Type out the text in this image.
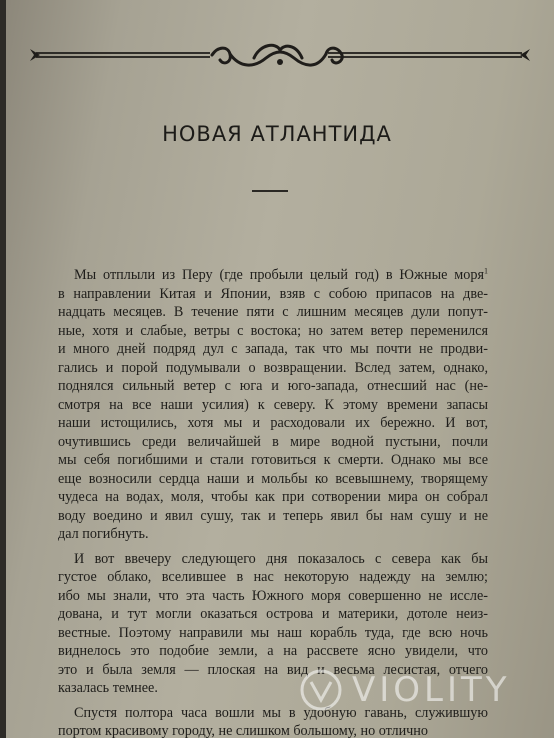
НОВАЯ АТЛАНТИДА
Мы отплыли из Перу (где пробыли целый год) в Южные моря$^1$
в направлении Китая и Японии, взяв с собою припасов на две-
надцать месяцев. В течение пяти с лишним месяцев дули попут-
ные, хотя и слабые, ветры с востока; но затем ветер переменился
и много дней подряд дул с запада, так что мы почти не продви-
гались и порой подумывали о возвращении. Вслед затем, однако,
поднялся сильный ветер с юга и юго-запада, отнесший нас (не-
смотря на все наши усилия) к северу. К этому времени запасы
наши истощились, хотя мы и расходовали их бережно. И вот,
очутившись среди величайшей в мире водной пустыни, почли
мы себя погибшими и стали готовиться к смерти. Однако мы все
еще возносили сердца наши и мольбы ко всевышнему, творящему
чудеса на водах, моля, чтобы как при сотворении мира он собрал
воду воедино и явил сушу, так и теперь явил бы нам сушу и не
дал погибнуть.
И вот ввечеру следующего дня показалось с севера как бы
густое облако, вселившее в нас некоторую надежду на землю;
ибо мы знали, что эта часть Южного моря совершенно не иссле-
дована, и тут могли оказаться острова и материки, дотоле неиз-
вестные. Поэтому направили мы наш корабль туда, где всю ночь
виднелось это подобие земли, а на рассвете ясно увидели, что
это и была земля — плоская на вид и весьма лесистая, отчего
казалась темнее.
Спустя полтора часа вошли мы в удобную гавань, служившую
портом красивому городу, не слишком большому, но отлично
VIOLITY
